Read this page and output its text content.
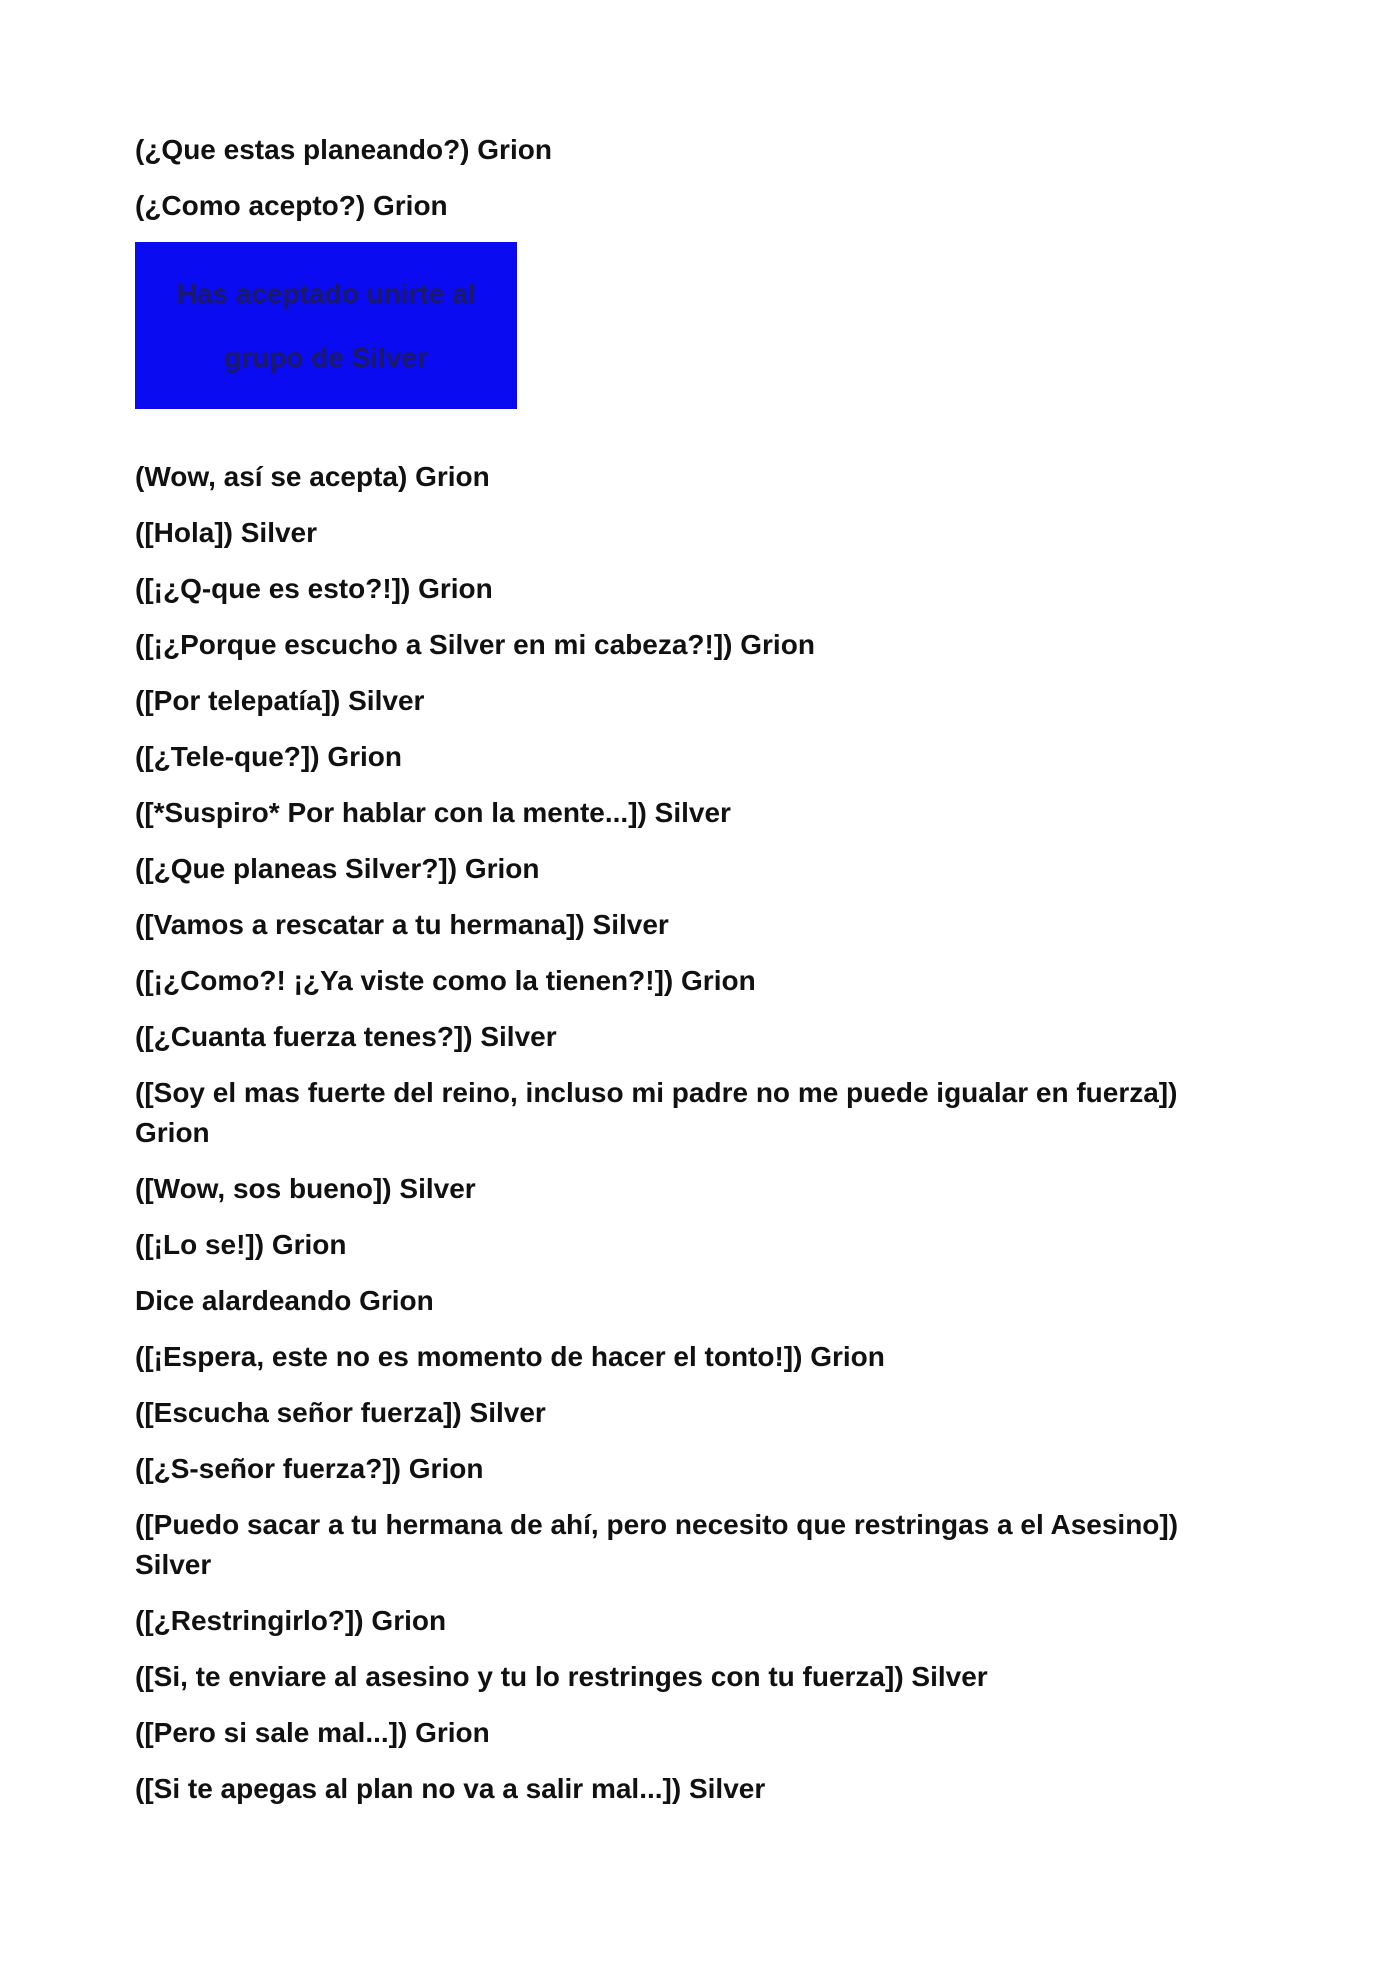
(¿Que estas planeando?) Grion
(¿Como acepto?) Grion
Has aceptado unirte al grupo de Silver
(Wow, así se acepta) Grion
([Hola]) Silver
([¡¿Q-que es esto?!]) Grion
([¡¿Porque escucho a Silver en mi cabeza?!]) Grion
([Por telepatía]) Silver
([¿Tele-que?]) Grion
([*Suspiro* Por hablar con la mente...]) Silver
([¿Que planeas Silver?]) Grion
([Vamos a rescatar a tu hermana]) Silver
([¡¿Como?! ¡¿Ya viste como la tienen?!]) Grion
([¿Cuanta fuerza tenes?]) Silver
([Soy el mas fuerte del reino, incluso mi padre no me puede igualar en fuerza]) Grion
([Wow, sos bueno]) Silver
([¡Lo se!]) Grion
Dice alardeando Grion
([¡Espera, este no es momento de hacer el tonto!]) Grion
([Escucha señor fuerza]) Silver
([¿S-señor fuerza?]) Grion
([Puedo sacar a tu hermana de ahí, pero necesito que restringas a el Asesino]) Silver
([¿Restringirlo?]) Grion
([Si, te enviare al asesino y tu lo restringes con tu fuerza]) Silver
([Pero si sale mal...]) Grion
([Si te apegas al plan no va a salir mal...]) Silver
